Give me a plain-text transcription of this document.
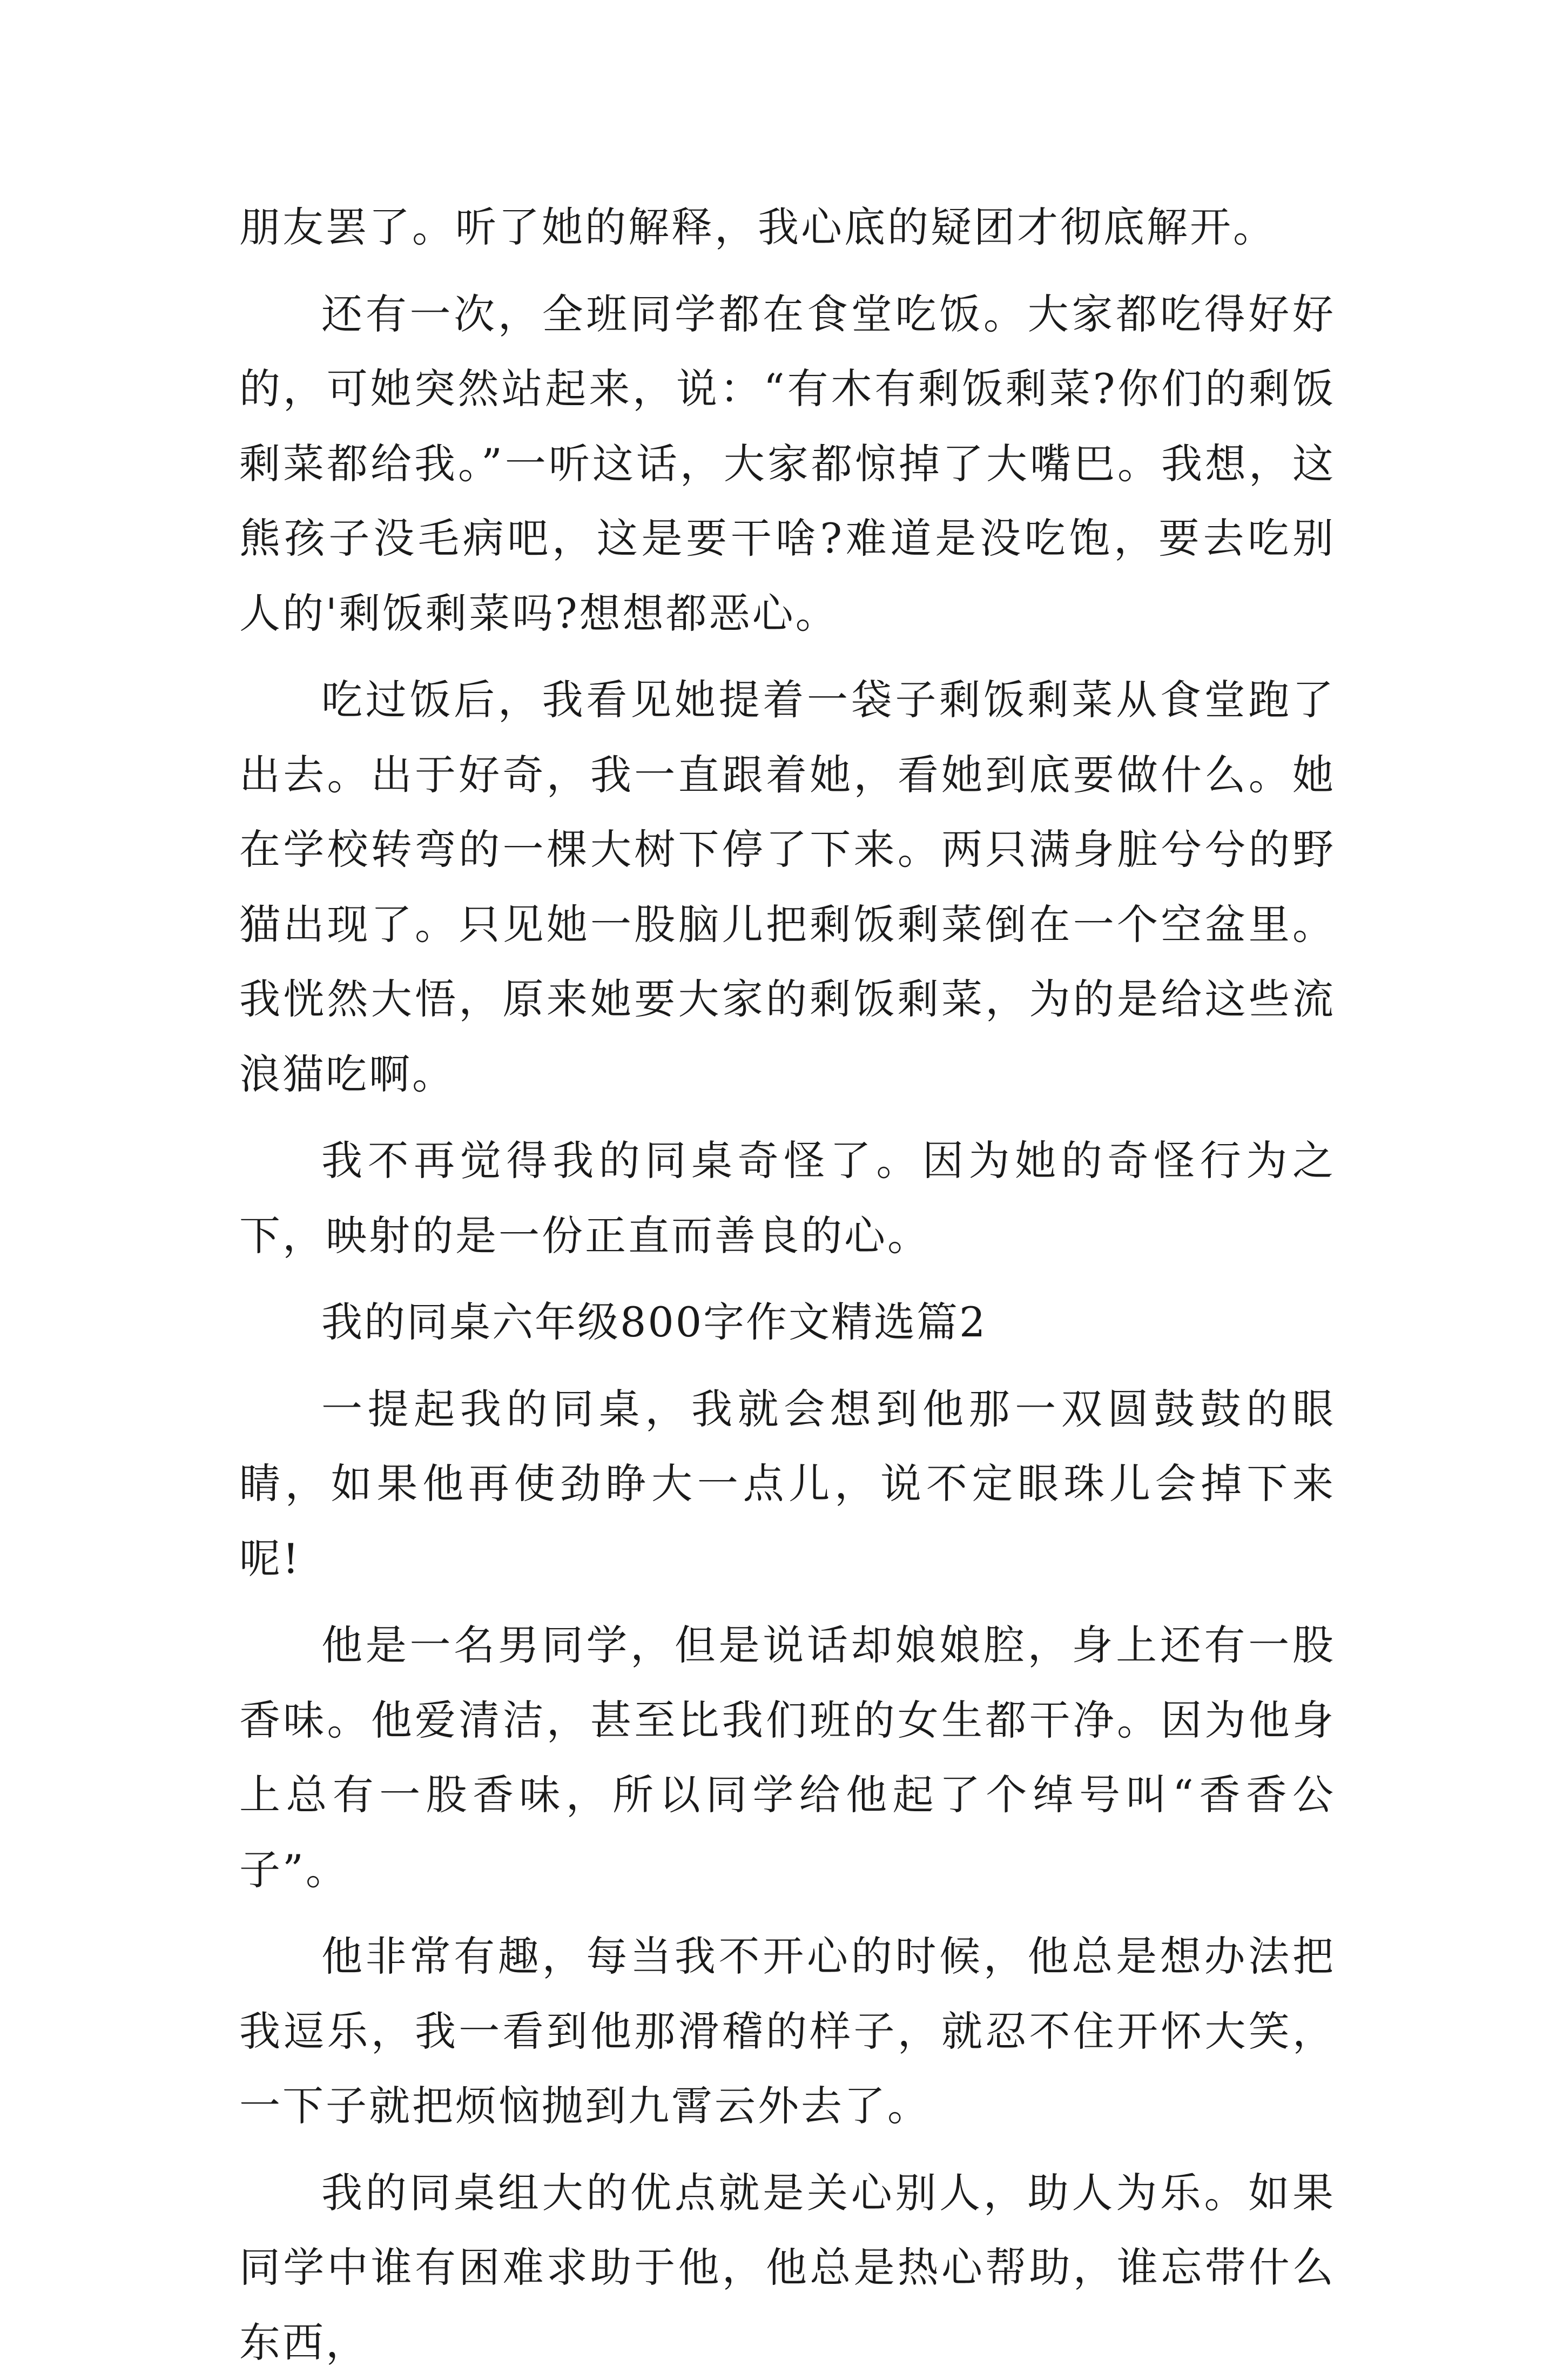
朋友罢了。听了她的解释，我心底的疑团才彻底解开。

还有一次，全班同学都在食堂吃饭。大家都吃得好好的，可她突然站起来，说：“有木有剩饭剩菜?你们的剩饭剩菜都给我。”一听这话，大家都惊掉了大嘴巴。我想，这熊孩子没毛病吧，这是要干啥?难道是没吃饱，要去吃别人的'剩饭剩菜吗?想想都恶心。

吃过饭后，我看见她提着一袋子剩饭剩菜从食堂跑了出去。出于好奇，我一直跟着她，看她到底要做什么。她在学校转弯的一棵大树下停了下来。两只满身脏兮兮的野猫出现了。只见她一股脑儿把剩饭剩菜倒在一个空盆里。我恍然大悟，原来她要大家的剩饭剩菜，为的是给这些流浪猫吃啊。

我不再觉得我的同桌奇怪了。因为她的奇怪行为之下，映射的是一份正直而善良的心。

我的同桌六年级800字作文精选篇2

一提起我的同桌，我就会想到他那一双圆鼓鼓的眼睛，如果他再使劲睁大一点儿，说不定眼珠儿会掉下来呢!

他是一名男同学，但是说话却娘娘腔，身上还有一股香味。他爱清洁，甚至比我们班的女生都干净。因为他身上总有一股香味，所以同学给他起了个绰号叫“香香公子”。

他非常有趣，每当我不开心的时候，他总是想办法把我逗乐，我一看到他那滑稽的样子，就忍不住开怀大笑，一下子就把烦恼抛到九霄云外去了。

我的同桌组大的优点就是关心别人，助人为乐。如果同学中谁有困难求助于他，他总是热心帮助，谁忘带什么东西，
